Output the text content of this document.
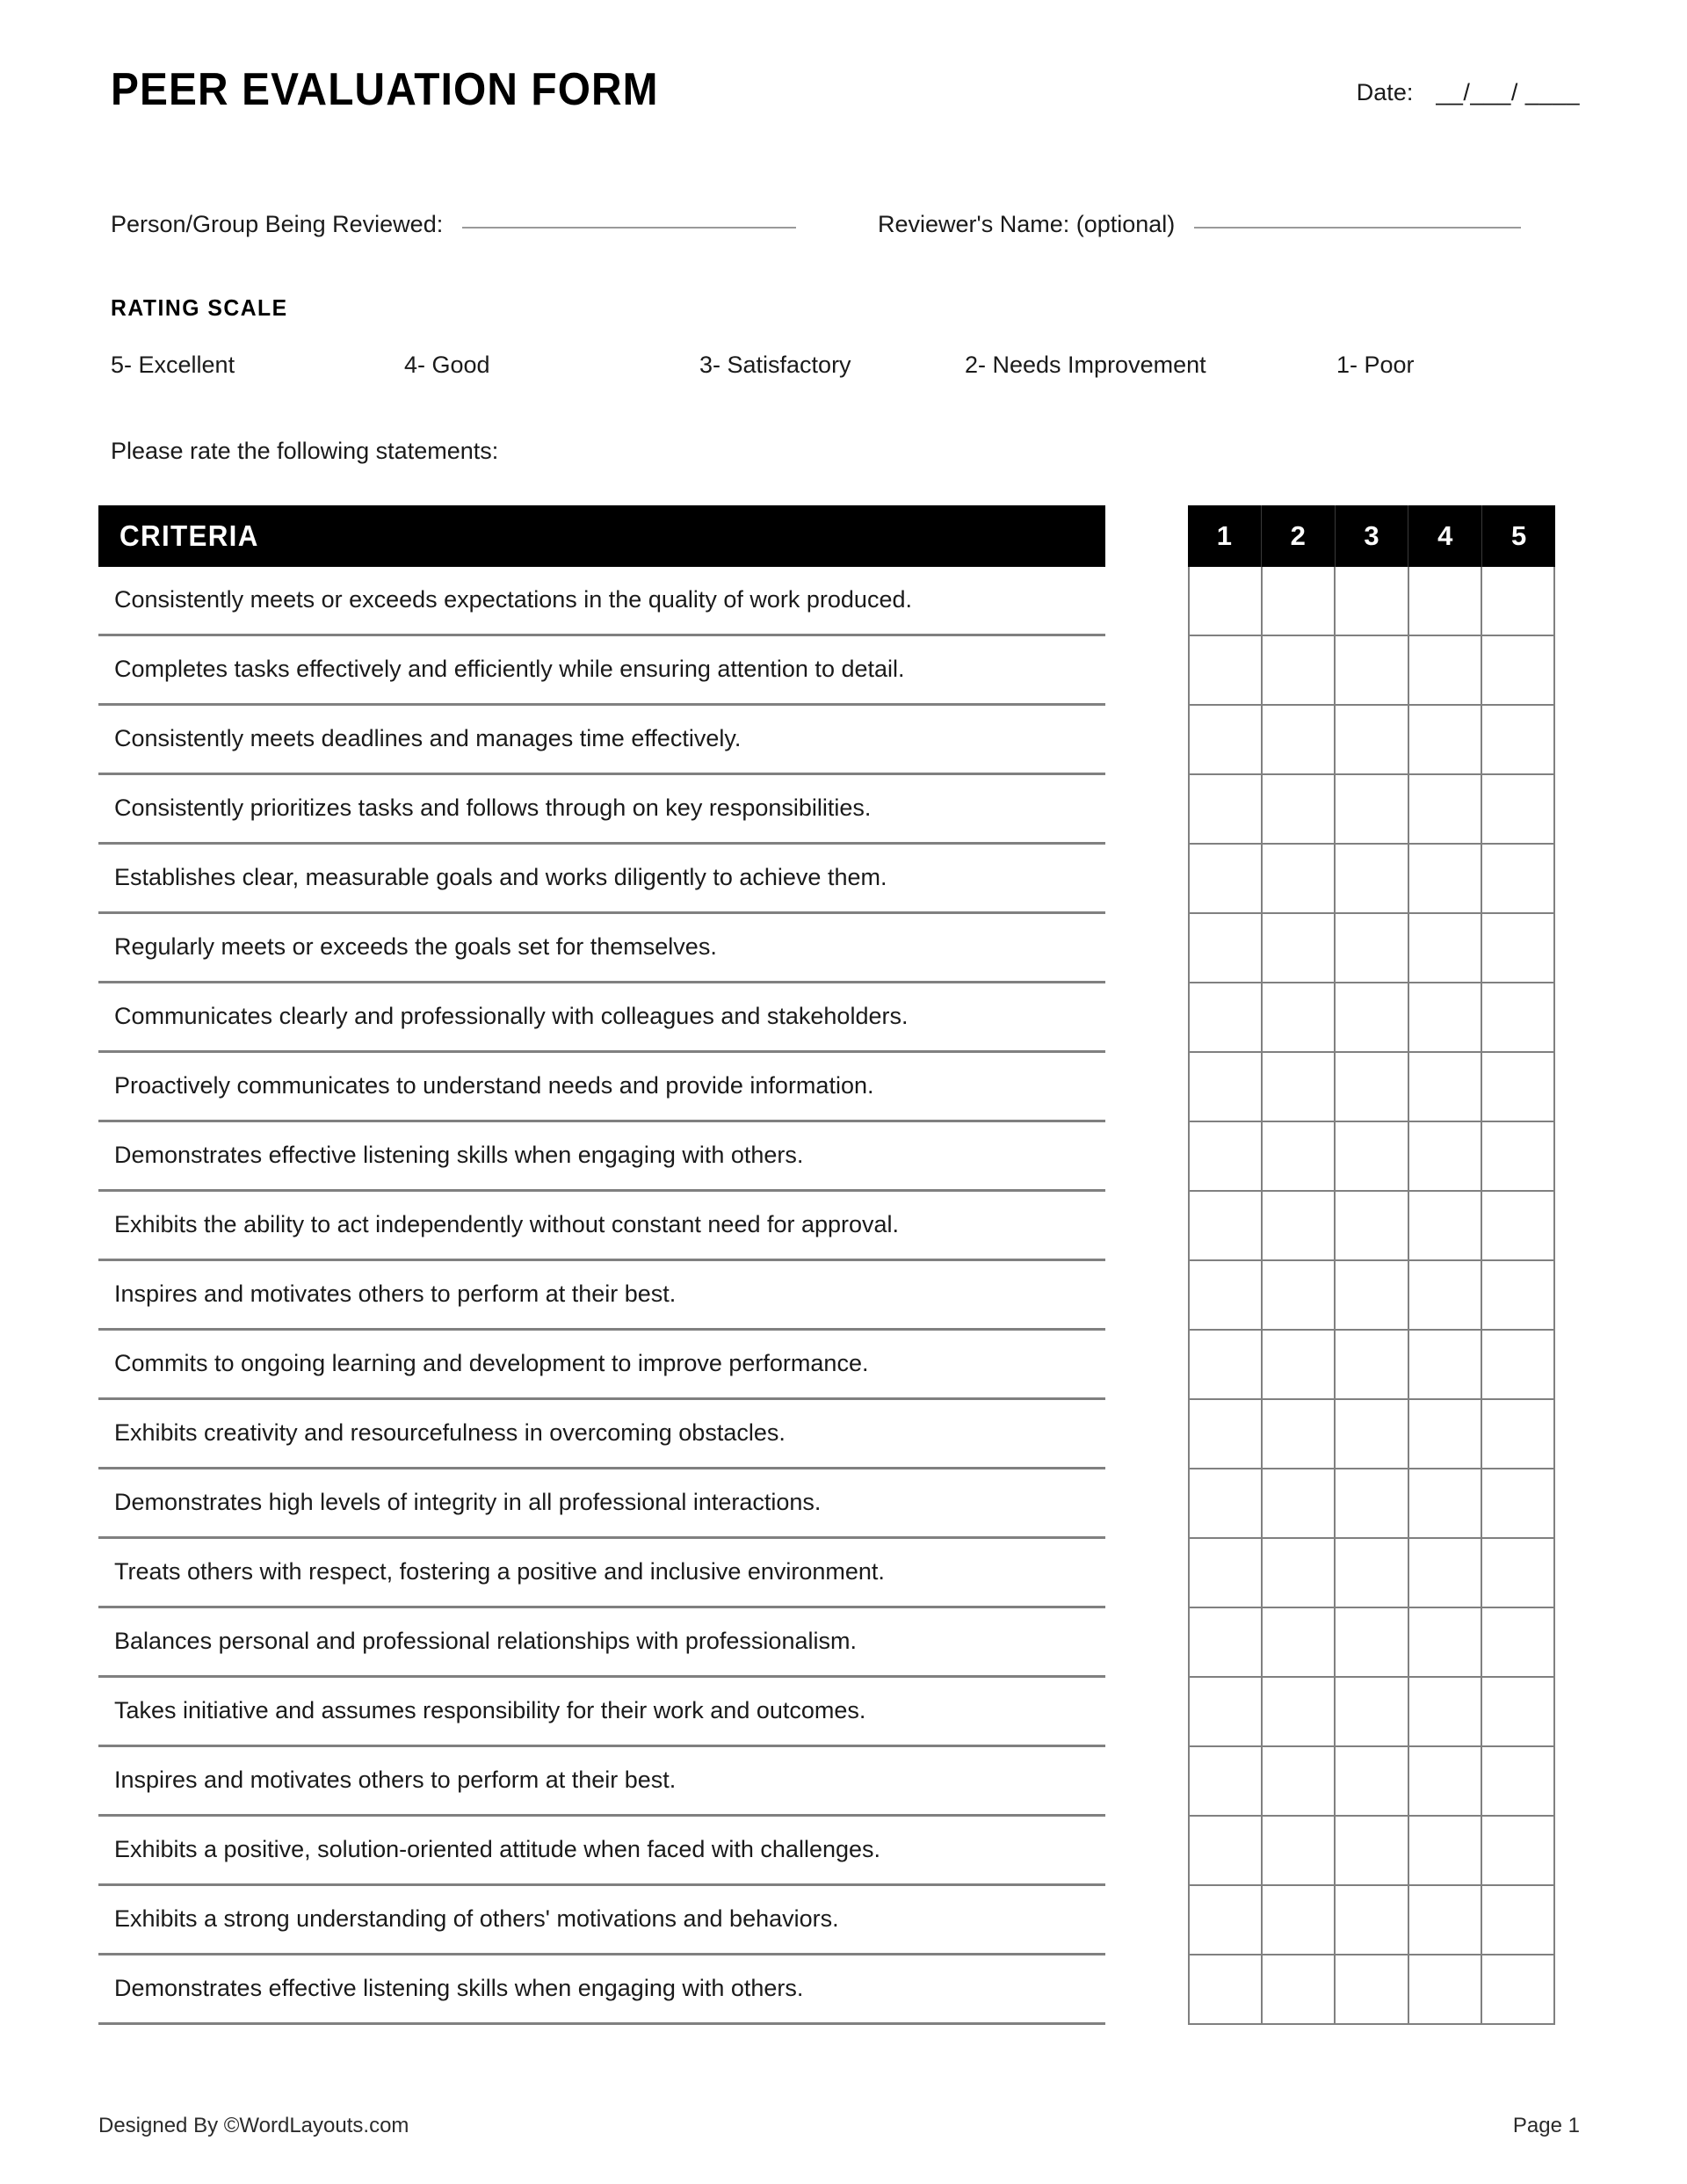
PEER EVALUATION FORM	Date: __/___/ ____
Person/Group Being Reviewed:	Reviewer's Name: (optional)
RATING SCALE
5- Excellent	4- Good	3- Satisfactory	2- Needs Improvement	1- Poor
Please rate the following statements:
CRITERIA
Consistently meets or exceeds expectations in the quality of work produced.
Completes tasks effectively and efficiently while ensuring attention to detail.
Consistently meets deadlines and manages time effectively.
Consistently prioritizes tasks and follows through on key responsibilities.
Establishes clear, measurable goals and works diligently to achieve them.
Regularly meets or exceeds the goals set for themselves.
Communicates clearly and professionally with colleagues and stakeholders.
Proactively communicates to understand needs and provide information.
Demonstrates effective listening skills when engaging with others.
Exhibits the ability to act independently without constant need for approval.
Inspires and motivates others to perform at their best.
Commits to ongoing learning and development to improve performance.
Exhibits creativity and resourcefulness in overcoming obstacles.
Demonstrates high levels of integrity in all professional interactions.
Treats others with respect, fostering a positive and inclusive environment.
Balances personal and professional relationships with professionalism.
Takes initiative and assumes responsibility for their work and outcomes.
Inspires and motivates others to perform at their best.
Exhibits a positive, solution-oriented attitude when faced with challenges.
Exhibits a strong understanding of others' motivations and behaviors.
Demonstrates effective listening skills when engaging with others.
1	2	3	4	5
Designed By ©WordLayouts.com	Page 1
